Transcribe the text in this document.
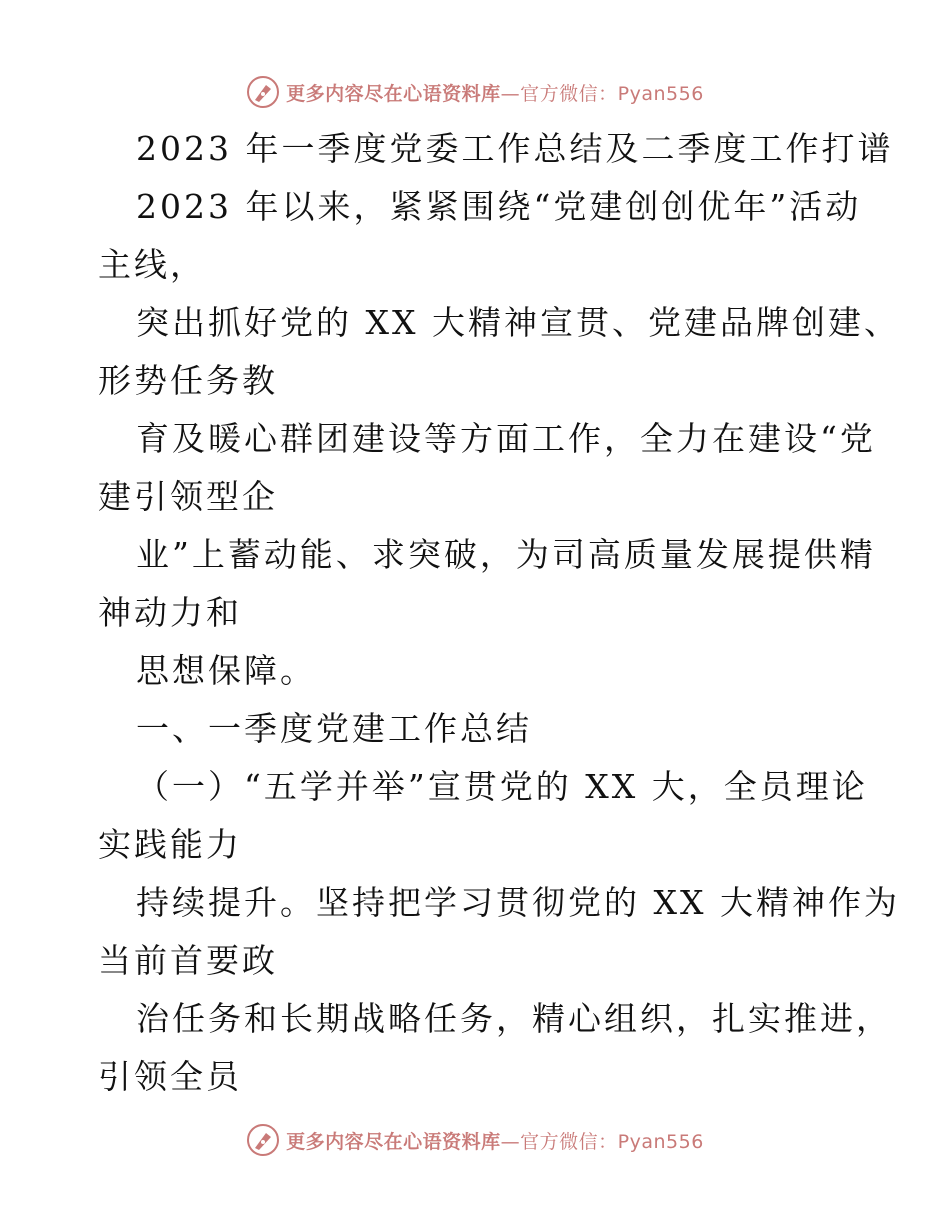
更多内容尽在心语资料库—官方微信：Pyan556
2023 年一季度党委工作总结及二季度工作打谱
2023 年以来，紧紧围绕“党建创创优年”活动
主线，
突出抓好党的 XX 大精神宣贯、党建品牌创建、
形势任务教
育及暖心群团建设等方面工作，全力在建设“党
建引领型企
业”上蓄动能、求突破，为司高质量发展提供精
神动力和
思想保障。
一、一季度党建工作总结
（一）“五学并举”宣贯党的 XX 大，全员理论
实践能力
持续提升。坚持把学习贯彻党的 XX 大精神作为
当前首要政
治任务和长期战略任务，精心组织，扎实推进，
引领全员
更多内容尽在心语资料库—官方微信：Pyan556
